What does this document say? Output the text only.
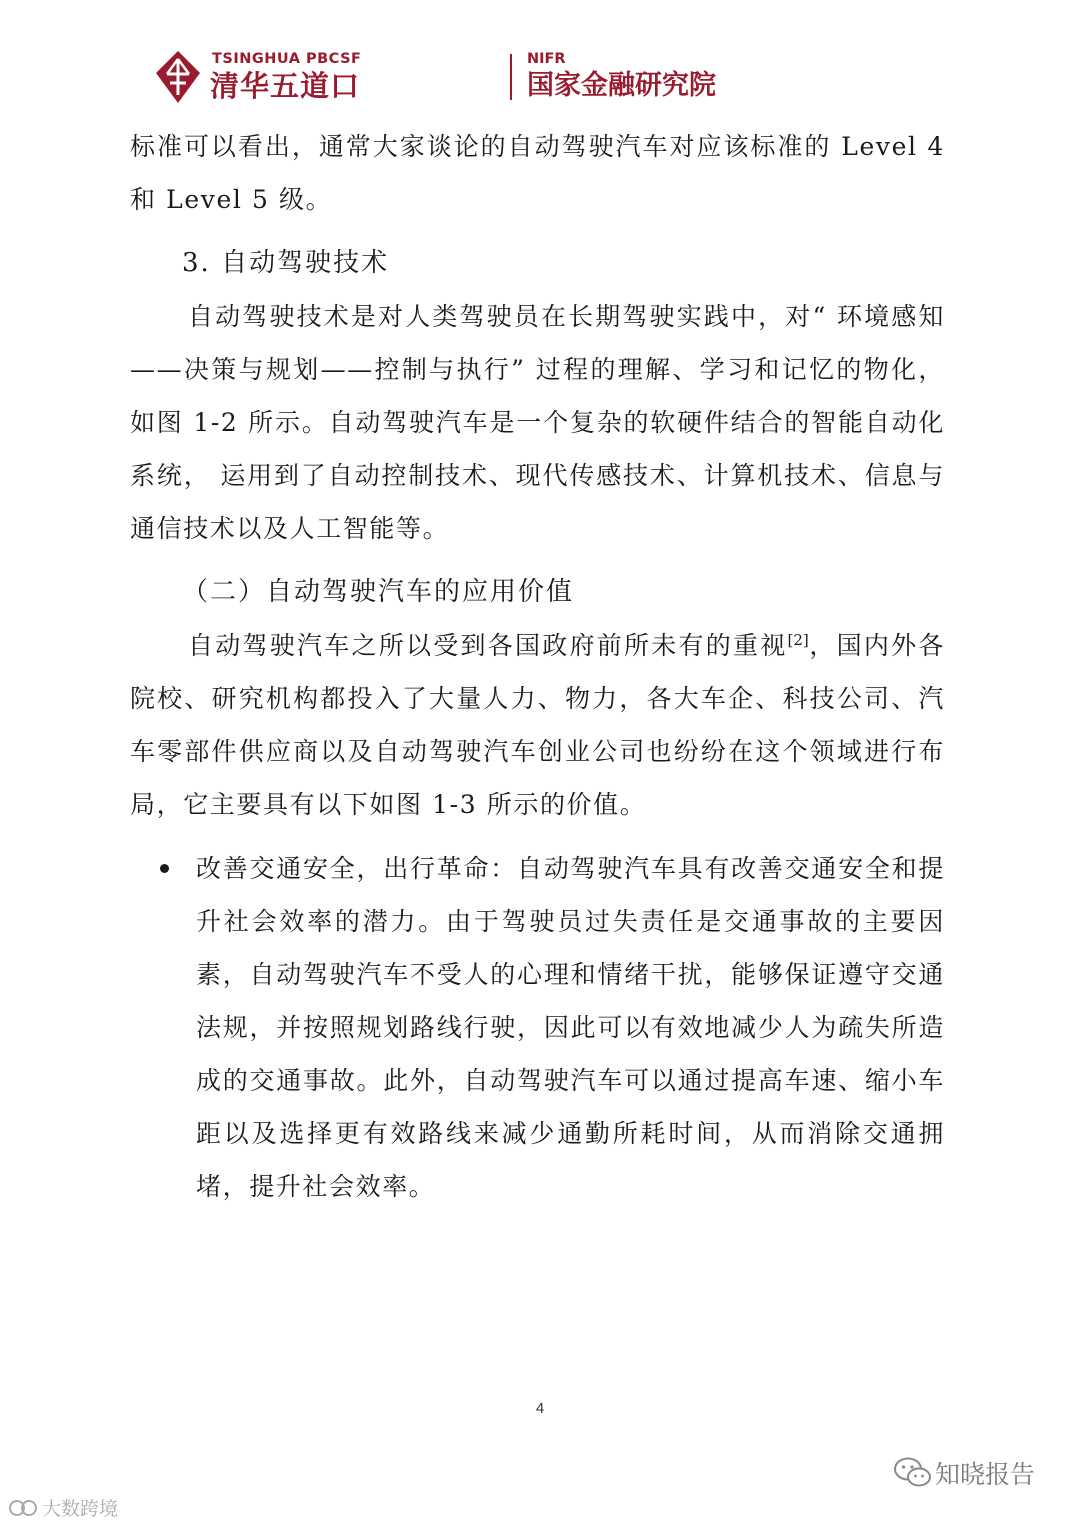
TSINGHUA PBCSF
清华五道口
NIFR
国家金融研究院

标准可以看出，通常大家谈论的自动驾驶汽车对应该标准的 Level 4 和 Level 5 级。

3. 自动驾驶技术

自动驾驶技术是对人类驾驶员在长期驾驶实践中，对“ 环境感知——决策与规划——控制与执行” 过程的理解、学习和记忆的物化， 如图 1-2 所示。自动驾驶汽车是一个复杂的软硬件结合的智能自动化系统， 运用到了自动控制技术、现代传感技术、计算机技术、信息与通信技术以及人工智能等。

（二）自动驾驶汽车的应用价值

自动驾驶汽车之所以受到各国政府前所未有的重视[2]，国内外各院校、研究机构都投入了大量人力、物力，各大车企、科技公司、汽车零部件供应商以及自动驾驶汽车创业公司也纷纷在这个领域进行布局，它主要具有以下如图 1-3 所示的价值。

改善交通安全，出行革命：自动驾驶汽车具有改善交通安全和提升社会效率的潜力。由于驾驶员过失责任是交通事故的主要因素，自动驾驶汽车不受人的心理和情绪干扰，能够保证遵守交通法规，并按照规划路线行驶，因此可以有效地减少人为疏失所造成的交通事故。此外，自动驾驶汽车可以通过提高车速、缩小车距以及选择更有效路线来减少通勤所耗时间，从而消除交通拥堵，提升社会效率。
4
知晓报告
大数跨境
